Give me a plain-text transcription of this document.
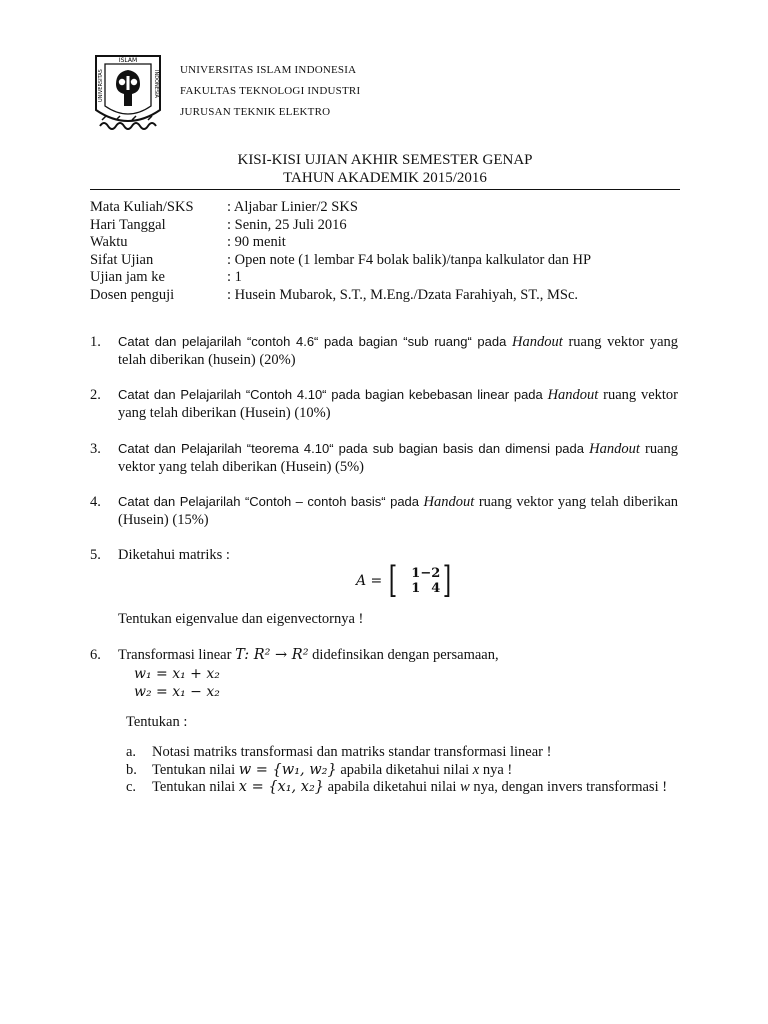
ISLAM
UNIVERSITAS	INDONESIA UNIVERSITAS ISLAM INDONESIA
FAKULTAS TEKNOLOGI INDUSTRI
JURUSAN TEKNIK ELEKTRO
KISI-KISI UJIAN AKHIR SEMESTER GENAP
TAHUN AKADEMIK 2015/2016
Mata Kuliah/SKS	: Aljabar Linier/2 SKS
Hari Tanggal	: Senin, 25 Juli 2016
Waktu	: 90 menit
Sifat Ujian	: Open note (1 lembar F4 bolak balik)/tanpa kalkulator dan HP
Ujian jam ke	: 1
Dosen penguji	: Husein Mubarok, S.T., M.Eng./Dzata Farahiyah, ST., MSc.
1. Catat dan pelajarilah “contoh 4.6“ pada bagian “sub ruang“ pada Handout ruang vektor yang telah diberikan (husein) (20%)
2. Catat dan Pelajarilah “Contoh 4.10“ pada bagian kebebasan linear pada Handout ruang vektor yang telah diberikan (Husein) (10%)
3. Catat dan Pelajarilah “teorema 4.10“ pada sub bagian basis dan dimensi pada Handout ruang vektor yang telah diberikan (Husein) (5%)
4. Catat dan Pelajarilah “Contoh – contoh basis“ pada Handout ruang vektor yang telah diberikan (Husein) (15%)
5. Diketahui matriks :
A = [	1 −2
1 4 ]
Tentukan eigenvalue dan eigenvectornya !
6. Transformasi linear T: R² → R² didefinsikan dengan persamaan,
w₁ = x₁ + x₂
w₂ = x₁ − x₂
Tentukan :
a.	Notasi matriks transformasi dan matriks standar transformasi linear !
b.	Tentukan nilai w = {w₁, w₂} apabila diketahui nilai x nya !
c.	Tentukan nilai x = {x₁, x₂} apabila diketahui nilai w nya, dengan invers transformasi !
